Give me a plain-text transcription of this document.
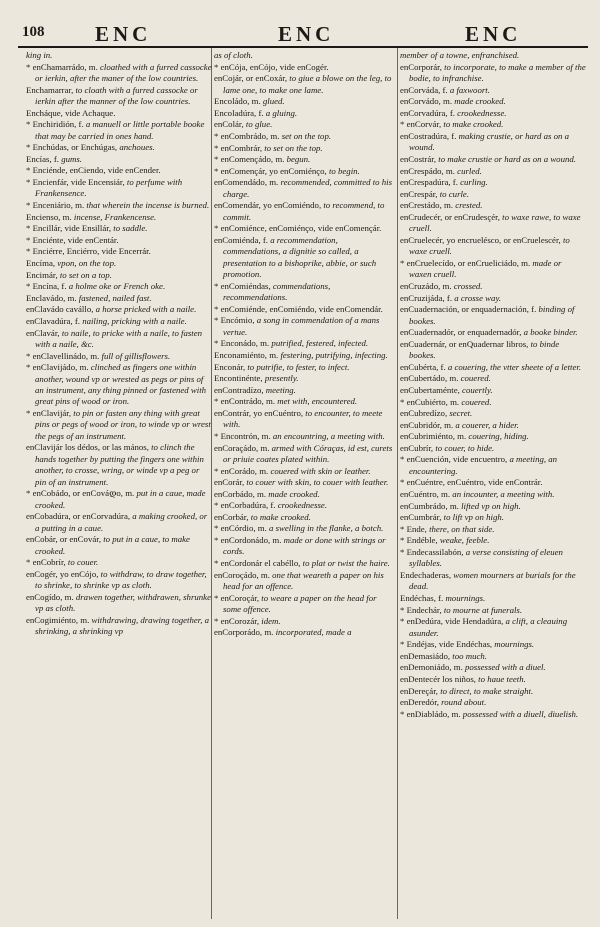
108 ENC	ENC	ENC
king in.
* enChamarrádo, m. cloathed with a furred cassocke or ierkin, after the maner of the low countries.
Enchamarrar, to cloath with a furred cassocke or ierkin after the manner of the low countries.
Encháque, vide Achaque.
* Enchiridión, f. a manuell or little portable booke that may be carried in ones hand.
* Enchúdas, or Enchúgas, anchoues.
Encías, f. gums.
* Enciénde, enCiendo, vide enCender.
* Encienfár, vide Encensiár, to perfume with Frankensence.
* Enceniário, m. that wherein the incense is burned.
Encienso, m. incense, Frankencense.
* Encillár, vide Ensillár, to saddle.
* Enciénte, vide enCentár.
* Enciérre, Enciérro, vide Encerrár.
Encíma, vpon, on the top.
Encimár, to set on a top.
* Encína, f. a holme oke or French oke.
Enclavádo, m. fastened, nailed fast.
enClavádo cavállo, a horse pricked with a naile.
enClavadúra, f. nailing, pricking with a naile.
enClavár, to naile, to pricke with a naile, to fasten with a naile, &c.
* enClavellinádo, m. full of gillisflowers.
* enClavijádo, m. clinched as fingers one within another, wound vp or wrested as pegs or pins of an instrument, any thing pinned or fastened with great pins of wood or iron.
* enClavijár, to pin or fasten any thing with great pins or pegs of wood or iron, to winde vp or wrest the pegs of an instrument.
enClavijár los dédos, or las mános, to clinch the hands together by putting the fingers one within another, to crosse, wring, or winde vp a peg or pin of an instrument.
* enCobádo, or enCováდo, m. put in a caue, made crooked.
enCobadúra, or enCorvadúra, a making crooked, or a putting in a caue.
enCobár, or enCovár, to put in a caue, to make crooked.
* enCobrír, to couer.
enCogér, yo enCójo, to withdraw, to draw together, to shrinke, to shrinke vp as cloth.
enCogído, m. drawen together, withdrawen, shrunke vp as cloth.
enCogimiénto, m. withdrawing, drawing together, a shrinking, a shrinking vp
as of cloth.
* enCója, enCójo, vide enCogér.
enCojár, or enCoxár, to giue a blowe on the leg, to lame one, to make one lame.
Encoládo, m. glued.
Encoladúra, f. a gluing.
enColár, to glue.
* enCombrádo, m. set on the top.
* enCombrár, to set on the top.
* enComençádo, m. begun.
* enComençár, yo enComiénço, to begin.
enComendádo, m. recommended, committed to his charge.
enComendár, yo enComiéndo, to recommend, to commit.
* enComiénce, enComiénço, vide enComençár.
enComiénda, f. a recommendation, commendations, a dignitie so called, a presentation to a bishoprike, abbie, or such promotion.
* enComiéndas, commendations, recommendations.
* enComiénde, enComiéndo, vide enComendár.
* Encómio, a song in commendation of a mans vertue.
* Enconádo, m. putrified, festered, infected.
Enconamiénto, m. festering, putrifying, infecting.
Enconár, to putrifie, to fester, to infect.
Encontinénte, presently.
enContradízo, meeting.
* enContrádo, m. met with, encountered.
enContrár, yo enCuéntro, to encounter, to meete with.
* Encontrón, m. an encountring, a meeting with.
enCoraçádo, m. armed with Córaças, id est, curets or priuie coates plated within.
* enCorádo, m. couered with skin or leather.
enCorár, to couer with skin, to couer with leather.
enCorbádo, m. made crooked.
* enCorbadúra, f. crookednesse.
enCorbár, to make crooked.
* enCórdio, m. a swelling in the flanke, a botch.
* enCordonádo, m. made or done with strings or cords.
* enCordonár el cabéllo, to plat or twist the haire.
enCoroçádo, m. one that weareth a paper on his head for an offence.
* enCoroçár, to weare a paper on the head for some offence.
* enCorozár, idem.
enCorporádo, m. incorporated, made a
member of a towne, enfranchised.
enCorporár, to incorporate, to make a member of the bodie, to infranchise.
enCorváda, f. a faxwoort.
enCorvádo, m. made crooked.
enCorvadúra, f. crookednesse.
* enCorvár, to make crooked.
enCostradúra, f. making crustie, or hard as on a wound.
enCostrár, to make crustie or hard as on a wound.
enCrespádo, m. curled.
enCrespadúra, f. curling.
enCrespár, to curle.
enCrestádo, m. crested.
enCrudecér, or enCrudesçér, to waxe rawe, to waxe cruell.
enCruelecér, yo encruelésco, or enCruelescér, to waxe cruell.
* enCruelecído, or enCrueliciádo, m. made or waxen cruell.
enCruzádo, m. crossed.
enCruzijáda, f. a crosse way.
enCuadernación, or enquadernación, f. binding of bookes.
enCuadernadór, or enquadernadór, a booke binder.
enCuadernár, or enQuadernar libros, to binde bookes.
enCubérta, f. a couering, the vtter sheete of a letter.
enCubertádo, m. couered.
enCubertaménte, couertly.
* enCubiérto, m. couered.
enCubredízo, secret.
enCubridór, m. a couerer, a hider.
enCubrimiénto, m. couering, hiding.
enCubrír, to couer, to hide.
* enCuención, vide encuentro, a meeting, an encountering.
* enCuéntre, enCuéntro, vide enContrár.
enCuéntro, m. an incounter, a meeting with.
enCumbrádo, m. lifted vp on high.
enCumbrár, to lift vp on high.
* Ende, there, on that side.
* Endéble, weake, feeble.
* Endecassilabón, a verse consisting of eleuen syllables.
Endechaderas, women mourners at burials for the dead.
Endéchas, f. mournings.
* Endechár, to mourne at funerals.
* enDedúra, vide Hendadúra, a clift, a cleauing asunder.
* Endéjas, vide Endéchas, mournings.
enDemasiádo, too much.
enDemoniádo, m. possessed with a diuel.
enDentecér los niños, to haue teeth.
enDereçár, to direct, to make straight.
enDeredór, round about.
* enDiabládo, m. possessed with a diuell, diuelish.
